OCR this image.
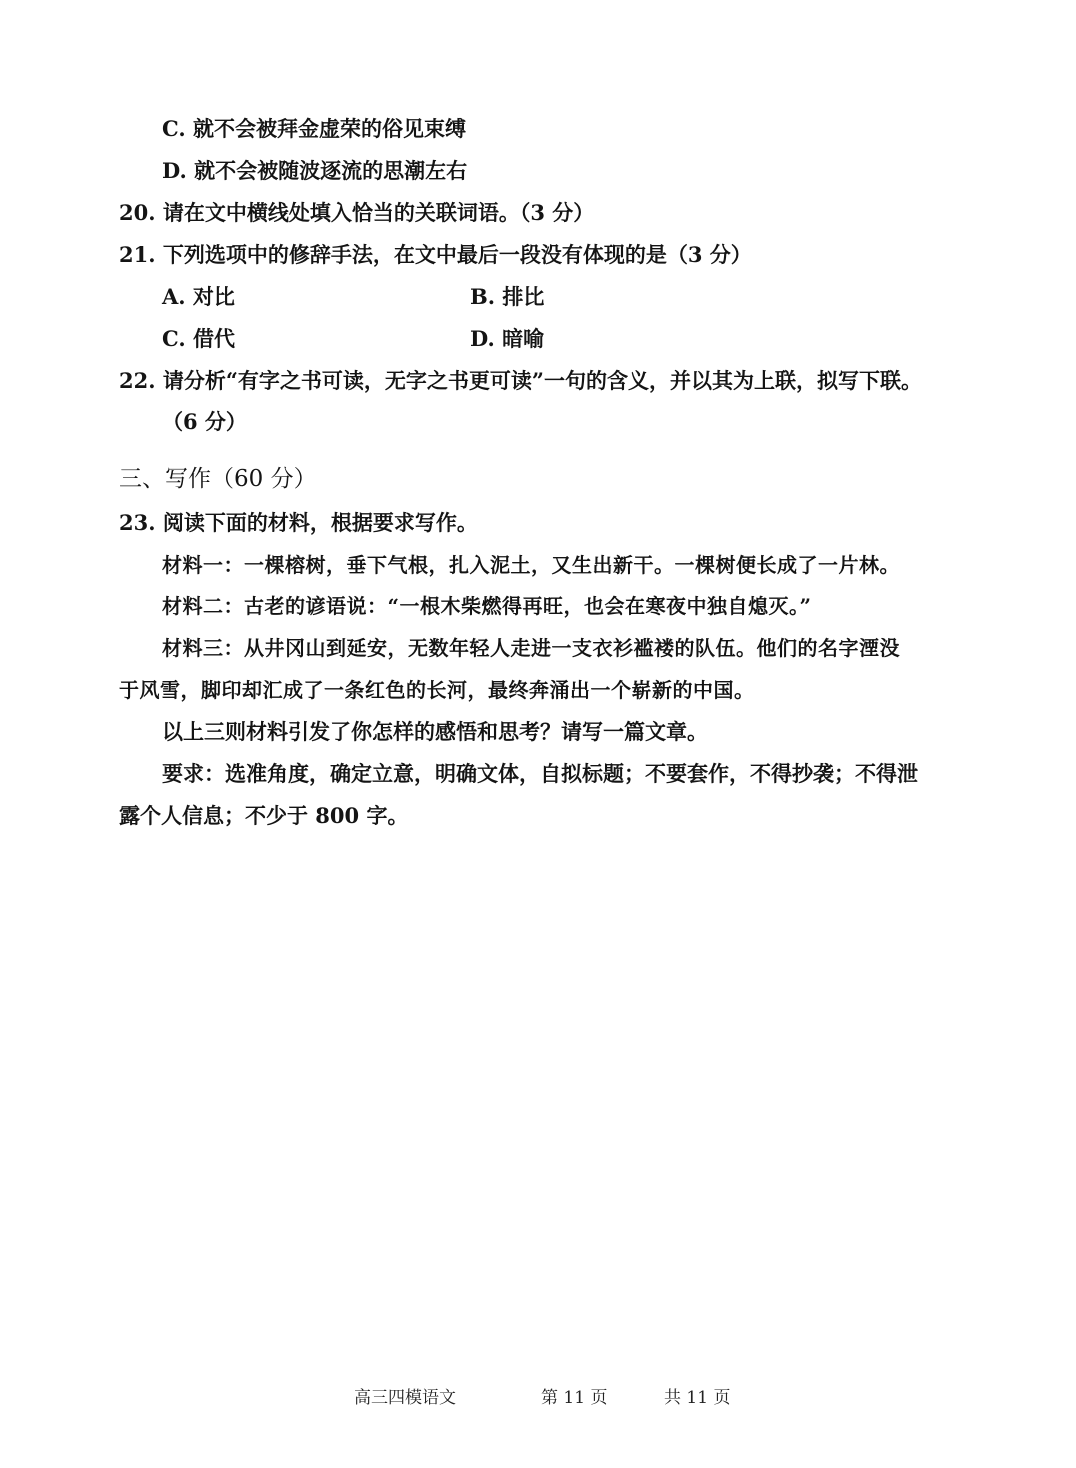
C. 就不会被拜金虚荣的俗见束缚
D. 就不会被随波逐流的思潮左右
20. 请在文中横线处填入恰当的关联词语。（3 分）
21. 下列选项中的修辞手法，在文中最后一段没有体现的是（3 分）
A. 对比	B. 排比
C. 借代	D. 暗喻
22. 请分析“有字之书可读，无字之书更可读”一句的含义，并以其为上联，拟写下联。
（6 分）
三、写作（60 分）
23. 阅读下面的材料，根据要求写作。
材料一：一棵榕树，垂下气根，扎入泥土，又生出新干。一棵树便长成了一片林。
材料二：古老的谚语说：“一根木柴燃得再旺，也会在寒夜中独自熄灭。”
材料三：从井冈山到延安，无数年轻人走进一支衣衫褴褛的队伍。他们的名字湮没
于风雪，脚印却汇成了一条红色的长河，最终奔涌出一个崭新的中国。
以上三则材料引发了你怎样的感悟和思考？请写一篇文章。
要求：选准角度，确定立意，明确文体，自拟标题；不要套作，不得抄袭；不得泄
露个人信息；不少于 800 字。
高三四模语文	第 11 页	共 11 页
